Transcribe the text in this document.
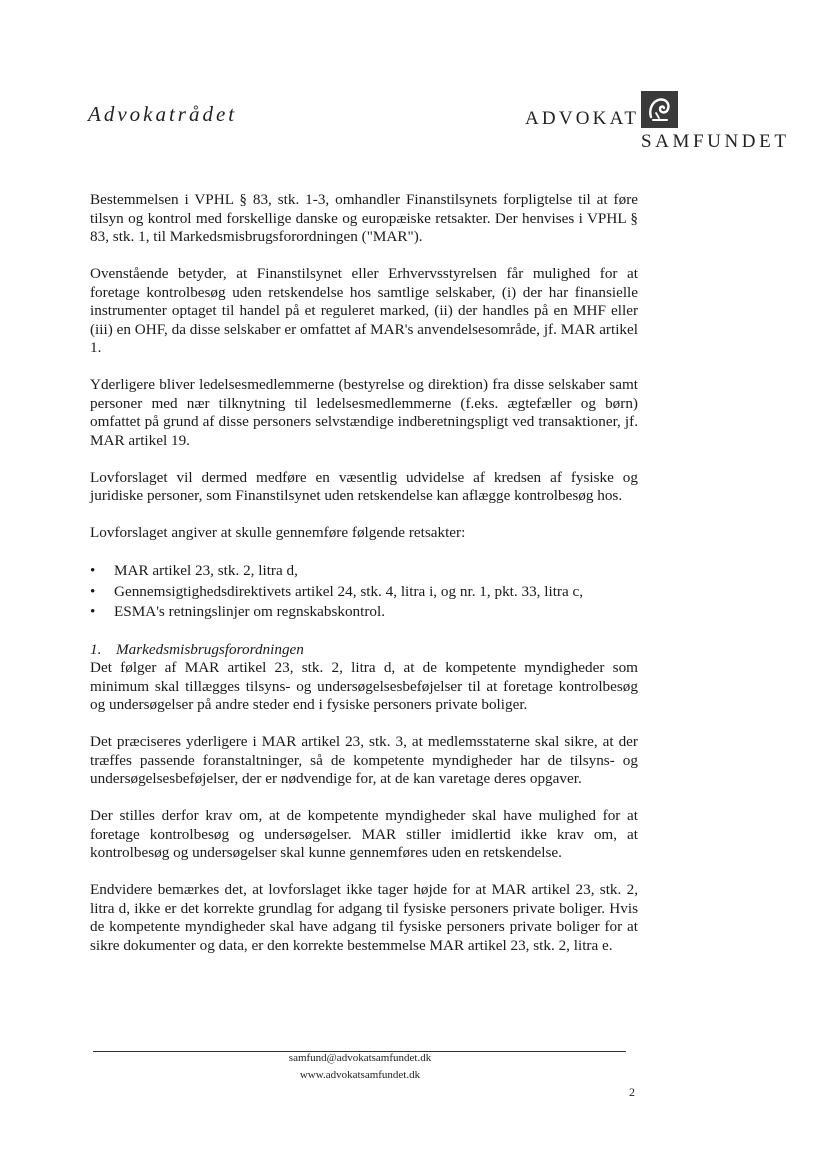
Advokatrådet	ADVOKAT
SAMFUNDET

Bestemmelsen i VPHL § 83, stk. 1-3, omhandler Finanstilsynets forpligtelse til at føre tilsyn og kontrol med forskellige danske og europæiske retsakter. Der henvises i VPHL § 83, stk. 1, til Markedsmisbrugsforordningen ("MAR").

Ovenstående betyder, at Finanstilsynet eller Erhvervsstyrelsen får mulighed for at foretage kontrolbesøg uden retskendelse hos samtlige selskaber, (i) der har finansielle instrumenter optaget til handel på et reguleret marked, (ii) der handles på en MHF eller (iii) en OHF, da disse selskaber er omfattet af MAR's anvendelsesområde, jf. MAR artikel 1.

Yderligere bliver ledelsesmedlemmerne (bestyrelse og direktion) fra disse selskaber samt personer med nær tilknytning til ledelsesmedlemmerne (f.eks. ægtefæller og børn) omfattet på grund af disse personers selvstændige indberetningspligt ved transaktioner, jf. MAR artikel 19.

Lovforslaget vil dermed medføre en væsentlig udvidelse af kredsen af fysiske og juridiske personer, som Finanstilsynet uden retskendelse kan aflægge kontrolbesøg hos.

Lovforslaget angiver at skulle gennemføre følgende retsakter:

• MAR artikel 23, stk. 2, litra d,
• Gennemsigtighedsdirektivets artikel 24, stk. 4, litra i, og nr. 1, pkt. 33, litra c,
• ESMA's retningslinjer om regnskabskontrol.

1. Markedsmisbrugsforordningen

Det følger af MAR artikel 23, stk. 2, litra d, at de kompetente myndigheder som minimum skal tillægges tilsyns- og undersøgelsesbeføjelser til at foretage kontrolbesøg og undersøgelser på andre steder end i fysiske personers private boliger.

Det præciseres yderligere i MAR artikel 23, stk. 3, at medlemsstaterne skal sikre, at der træffes passende foranstaltninger, så de kompetente myndigheder har de tilsyns- og undersøgelsesbeføjelser, der er nødvendige for, at de kan varetage deres opgaver.

Der stilles derfor krav om, at de kompetente myndigheder skal have mulighed for at foretage kontrolbesøg og undersøgelser. MAR stiller imidlertid ikke krav om, at kontrolbesøg og undersøgelser skal kunne gennemføres uden en retskendelse.

Endvidere bemærkes det, at lovforslaget ikke tager højde for at MAR artikel 23, stk. 2, litra d, ikke er det korrekte grundlag for adgang til fysiske personers private boliger. Hvis de kompetente myndigheder skal have adgang til fysiske personers private boliger for at sikre dokumenter og data, er den korrekte bestemmelse MAR artikel 23, stk. 2, litra e.

samfund@advokatsamfundet.dk
www.advokatsamfundet.dk
2
